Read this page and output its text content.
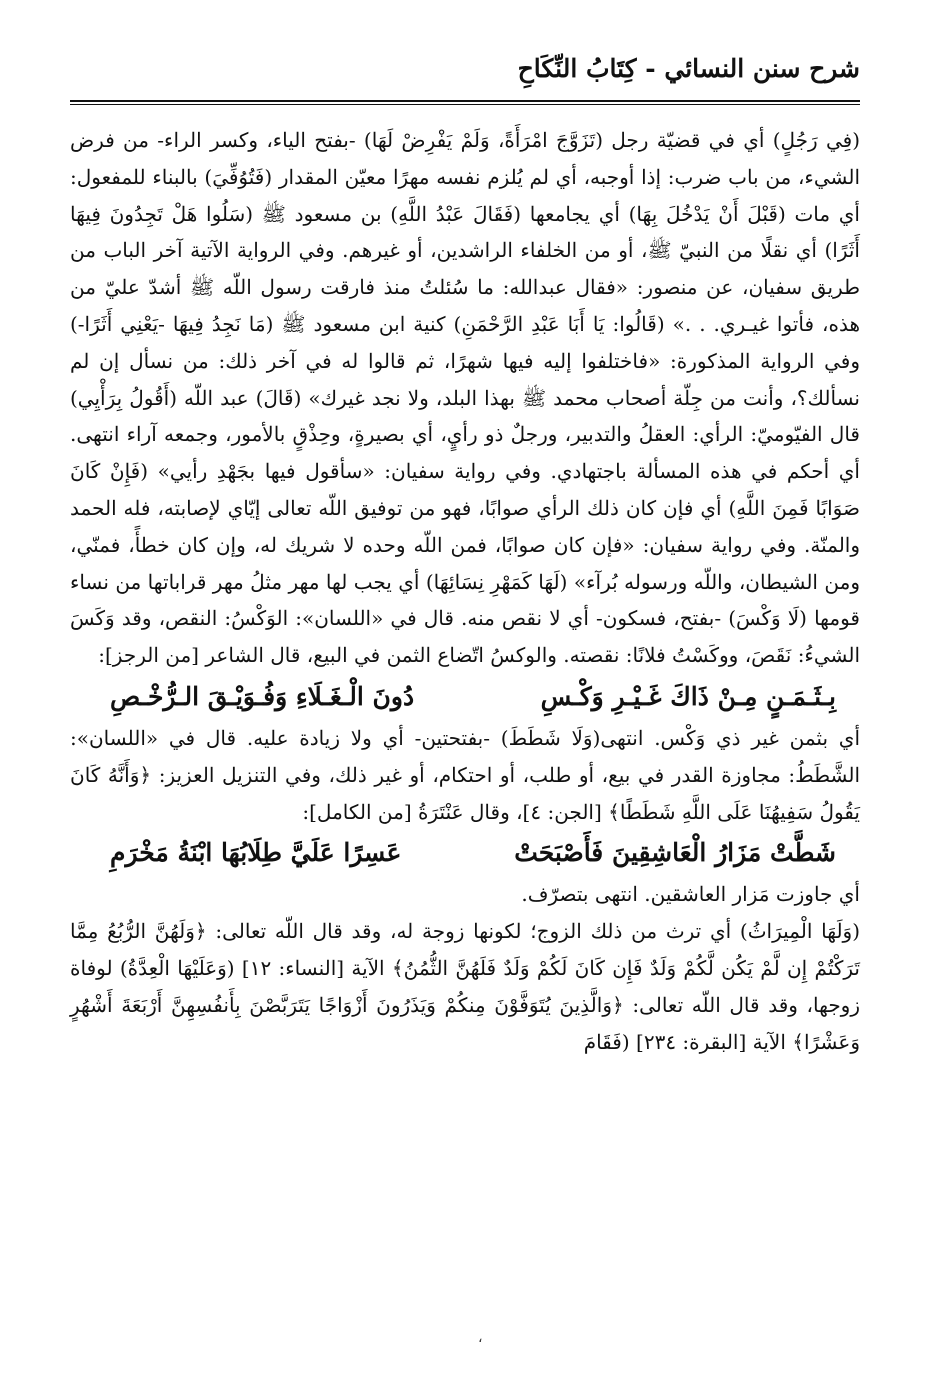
شرح سنن النسائي - كِتَابُ النِّكَاحِ

(فِي رَجُلٍ) أي في قضيّة رجل (تَزَوَّجَ امْرَأَةً، وَلَمْ يَفْرِضْ لَهَا) -بفتح الياء، وكسر الراء- من فرض الشيء، من باب ضرب: إذا أوجبه، أي لم يُلزم نفسه مهرًا معيّن المقدار (فَتُوُفِّيَ) بالبناء للمفعول: أي مات (قَبْلَ أَنْ يَدْخُلَ بِهَا) أي يجامعها (فَقَالَ عَبْدُ اللَّهِ) بن مسعود ﷺ (سَلُوا هَلْ تَجِدُونَ فِيهَا أَثَرًا) أي نقلًا من النبيّ ﷺ، أو من الخلفاء الراشدين، أو غيرهم. وفي الرواية الآتية آخر الباب من طريق سفيان، عن منصور: «فقال عبدالله: ما سُئلتُ منذ فارقت رسول اللّه ﷺ أشدّ عليّ من هذه، فأتوا غيـري. . .» (قَالُوا: يَا أَبَا عَبْدِ الرَّحْمَنِ) كنية ابن مسعود ﷺ (مَا نَجِدُ فِيهَا -يَعْنِي أَثَرًا-) وفي الرواية المذكورة: «فاختلفوا إليه فيها شهرًا، ثم قالوا له في آخر ذلك: من نسأل إن لم نسألك؟، وأنت من جِلّة أصحاب محمد ﷺ بهذا البلد، ولا نجد غيرك» (قَالَ) عبد اللّه (أَقُولُ بِرَأْيِي) قال الفيّوميّ: الرأي: العقلُ والتدبير، ورجلٌ ذو رأيٍ، أي بصيرةٍ، وحِذْقٍ بالأمور، وجمعه آراء انتهى. أي أحكم في هذه المسألة باجتهادي. وفي رواية سفيان: «سأقول فيها بجَهْدِ رأيي» (فَإِنْ كَانَ صَوَابًا فَمِنَ اللَّهِ) أي فإن كان ذلك الرأي صوابًا، فهو من توفيق اللّه تعالى إيّاي لإصابته، فله الحمد والمنّة. وفي رواية سفيان: «فإن كان صوابًا، فمن اللّه وحده لا شريك له، وإن كان خطأً، فمنّي، ومن الشيطان، واللّه ورسوله بُرآء» (لَهَا كَمَهْرِ نِسَائِهَا) أي يجب لها مهر مثلُ مهر قراباتها من نساء قومها (لَا وَكْسَ) -بفتح، فسكون- أي لا نقص منه. قال في «اللسان»: الوَكْسُ: النقص، وقد وَكَسَ الشيءُ: نَقَصَ، ووكَسْتُ فلانًا: نقصته. والوكسُ اتّضاع الثمن في البيع، قال الشاعر [من الرجز]:

بِـثَـمَـنٍ مِـنْ ذَاكَ غَـيْـرِ وَكْـسِ
دُونَ الْـغَـلَاءِ وَفُـوَيْـقَ الـرُّخْـصِ

أي بثمن غير ذي وَكْس. انتهى(وَلَا شَطَطَ) -بفتحتين- أي ولا زيادة عليه. قال في «اللسان»: الشَّطَطُ: مجاوزة القدر في بيع، أو طلب، أو احتكام، أو غير ذلك، وفي التنزيل العزيز: ﴿وَأَنَّهُ كَانَ يَقُولُ سَفِيهُنَا عَلَى اللَّهِ شَطَطًا﴾ [الجن: ٤]، وقال عَنْتَرَةُ [من الكامل]:

شَطَّتْ مَزَارُ الْعَاشِقِينَ فَأَصْبَحَتْ
عَسِرًا عَلَيَّ طِلَابُهَا ابْنَةُ مَخْرَمِ

أي جاوزت مَزار العاشقين. انتهى بتصرّف.

(وَلَهَا الْمِيرَاثُ) أي ترث من ذلك الزوج؛ لكونها زوجة له، وقد قال اللّه تعالى: ﴿وَلَهُنَّ الرُّبُعُ مِمَّا تَرَكْتُمْ إِن لَّمْ يَكُن لَّكُمْ وَلَدٌ فَإِن كَانَ لَكُمْ وَلَدٌ فَلَهُنَّ الثُّمُنُ﴾ الآية [النساء: ١٢] (وَعَلَيْهَا الْعِدَّةُ) لوفاة زوجها، وقد قال اللّه تعالى: ﴿وَالَّذِينَ يُتَوَفَّوْنَ مِنكُمْ وَيَذَرُونَ أَزْوَاجًا يَتَرَبَّصْنَ بِأَنفُسِهِنَّ أَرْبَعَةَ أَشْهُرٍ وَعَشْرًا﴾ الآية [البقرة: ٢٣٤] (فَقَامَ

،
